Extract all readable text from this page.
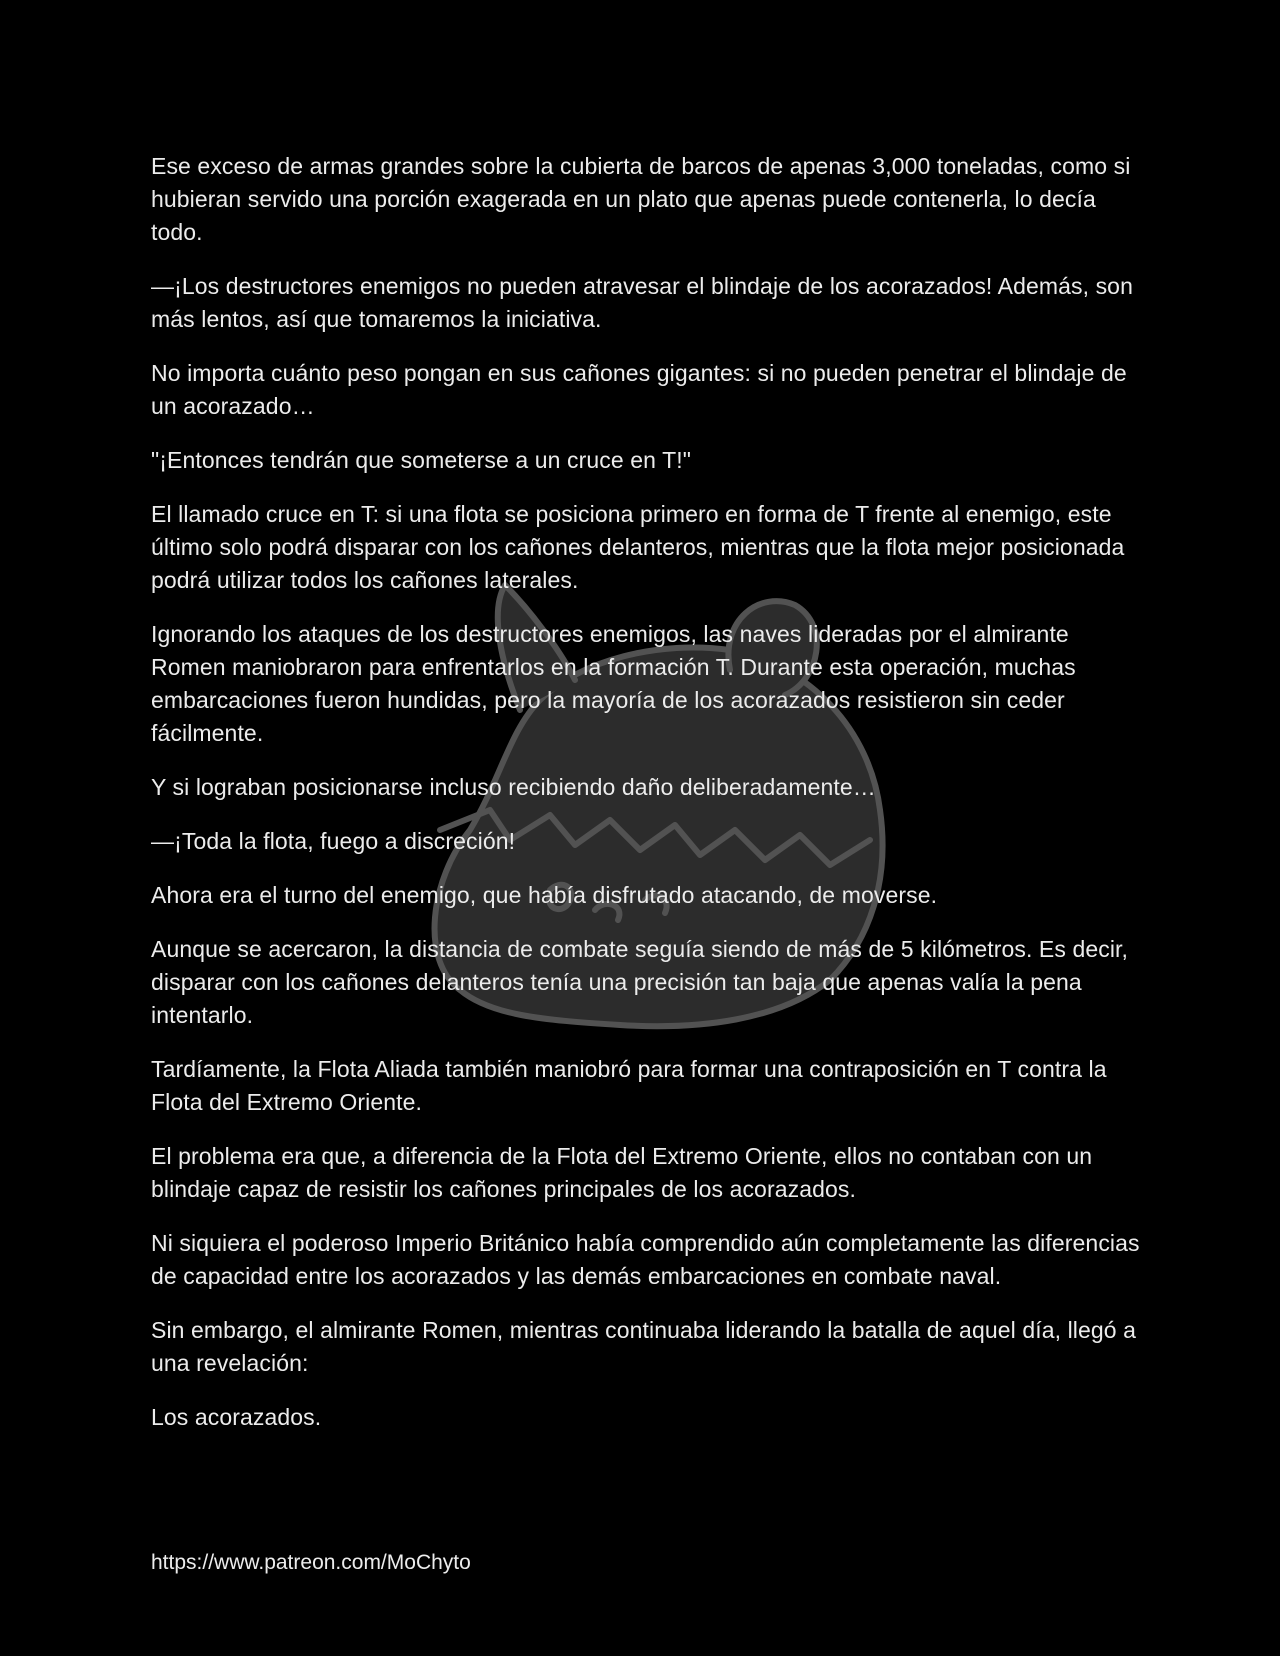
Ese exceso de armas grandes sobre la cubierta de barcos de apenas 3,000 toneladas, como si hubieran servido una porción exagerada en un plato que apenas puede contenerla, lo decía todo.

—¡Los destructores enemigos no pueden atravesar el blindaje de los acorazados! Además, son más lentos, así que tomaremos la iniciativa.

No importa cuánto peso pongan en sus cañones gigantes: si no pueden penetrar el blindaje de un acorazado…

"¡Entonces tendrán que someterse a un cruce en T!"

El llamado cruce en T: si una flota se posiciona primero en forma de T frente al enemigo, este último solo podrá disparar con los cañones delanteros, mientras que la flota mejor posicionada podrá utilizar todos los cañones laterales.

Ignorando los ataques de los destructores enemigos, las naves lideradas por el almirante Romen maniobraron para enfrentarlos en la formación T. Durante esta operación, muchas embarcaciones fueron hundidas, pero la mayoría de los acorazados resistieron sin ceder fácilmente.

Y si lograban posicionarse incluso recibiendo daño deliberadamente…

—¡Toda la flota, fuego a discreción!

Ahora era el turno del enemigo, que había disfrutado atacando, de moverse.

Aunque se acercaron, la distancia de combate seguía siendo de más de 5 kilómetros. Es decir, disparar con los cañones delanteros tenía una precisión tan baja que apenas valía la pena intentarlo.

Tardíamente, la Flota Aliada también maniobró para formar una contraposición en T contra la Flota del Extremo Oriente.

El problema era que, a diferencia de la Flota del Extremo Oriente, ellos no contaban con un blindaje capaz de resistir los cañones principales de los acorazados.

Ni siquiera el poderoso Imperio Británico había comprendido aún completamente las diferencias de capacidad entre los acorazados y las demás embarcaciones en combate naval.

Sin embargo, el almirante Romen, mientras continuaba liderando la batalla de aquel día, llegó a una revelación:

Los acorazados.

https://www.patreon.com/MoChyto
